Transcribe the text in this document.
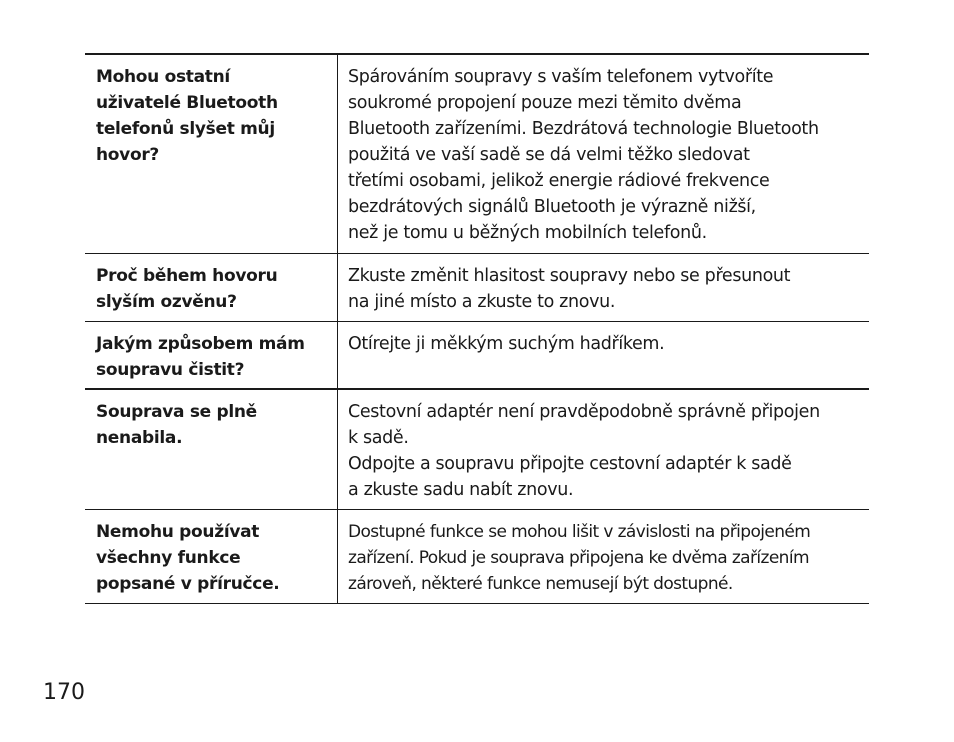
Mohou ostatní
uživatelé Bluetooth
telefonů slyšet můj
hovor?
Spárováním soupravy s vaším telefonem vytvoříte
soukromé propojení pouze mezi těmito dvěma
Bluetooth zařízeními. Bezdrátová technologie Bluetooth
použitá ve vaší sadě se dá velmi těžko sledovat
třetími osobami, jelikož energie rádiové frekvence
bezdrátových signálů Bluetooth je výrazně nižší,
než je tomu u běžných mobilních telefonů.
Proč během hovoru
slyším ozvěnu?
Zkuste změnit hlasitost soupravy nebo se přesunout
na jiné místo a zkuste to znovu.
Jakým způsobem mám
soupravu čistit?
Otírejte ji měkkým suchým hadříkem.
Souprava se plně
nenabila.
Cestovní adaptér není pravděpodobně správně připojen
k sadě.
Odpojte a soupravu připojte cestovní adaptér k sadě
a zkuste sadu nabít znovu.
Nemohu používat
všechny funkce
popsané v příručce.
Dostupné funkce se mohou lišit v závislosti na připojeném
zařízení. Pokud je souprava připojena ke dvěma zařízením
zároveň, některé funkce nemusejí být dostupné.
170
